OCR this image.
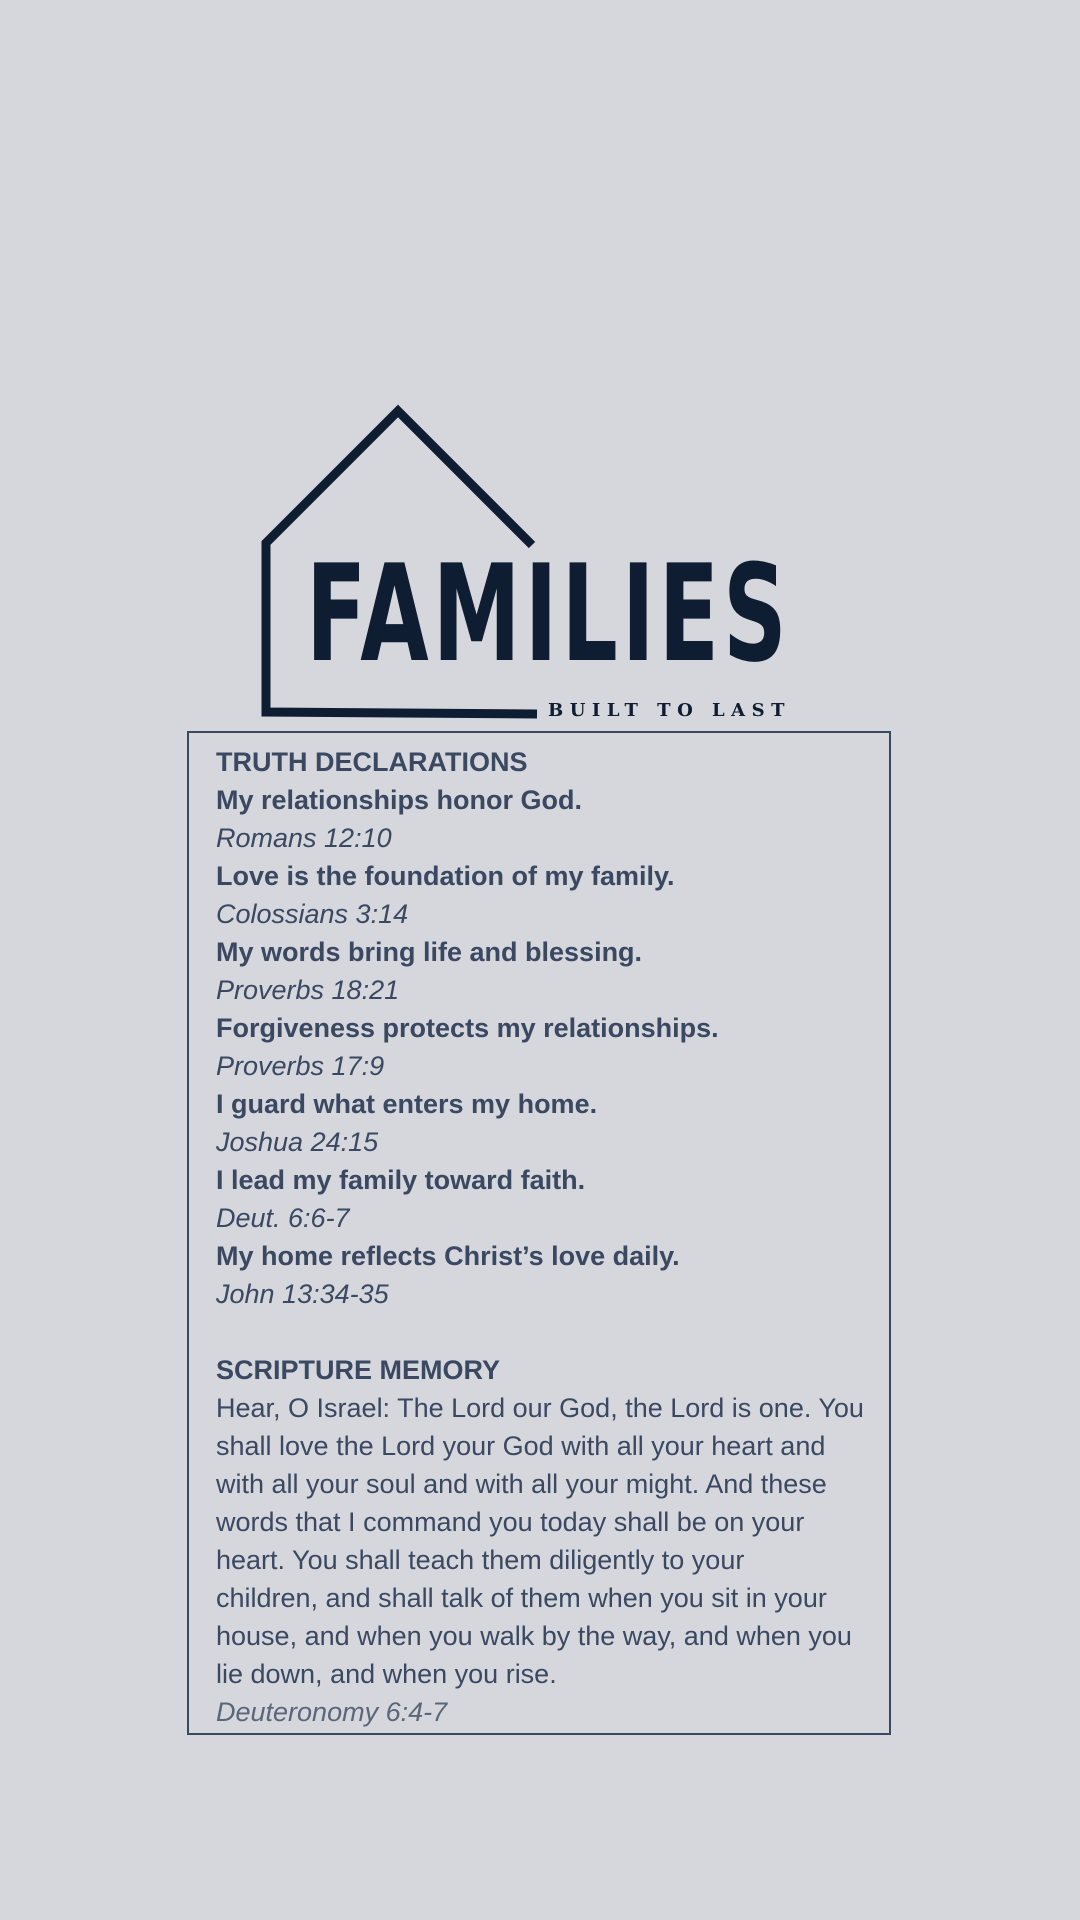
FAMILIES
BUILT TO LAST
TRUTH DECLARATIONS
My relationships honor God.
Romans 12:10
Love is the foundation of my family.
Colossians 3:14
My words bring life and blessing.
Proverbs 18:21
Forgiveness protects my relationships.
Proverbs 17:9
I guard what enters my home.
Joshua 24:15
I lead my family toward faith.
Deut. 6:6-7
My home reflects Christ’s love daily.
John 13:34-35
SCRIPTURE MEMORY
Hear, O Israel: The Lord our God, the Lord is one. You
shall love the Lord your God with all your heart and
with all your soul and with all your might. And these
words that I command you today shall be on your
heart. You shall teach them diligently to your
children, and shall talk of them when you sit in your
house, and when you walk by the way, and when you
lie down, and when you rise.
Deuteronomy 6:4-7
